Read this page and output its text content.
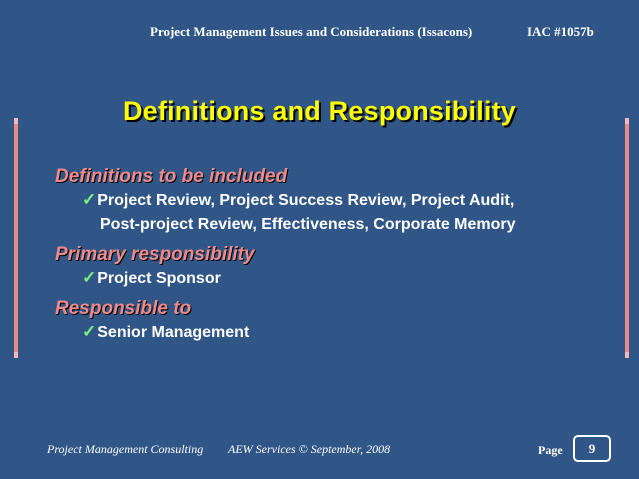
Project Management Issues and Considerations (Issacons)	IAC #1057b
Definitions and Responsibility
Definitions to be included
✓Project Review, Project Success Review, Project Audit,
Post-project Review, Effectiveness, Corporate Memory
Primary responsibility
✓Project Sponsor
Responsible to
✓Senior Management
Project Management Consulting AEW Services © September, 2008	Page	9
